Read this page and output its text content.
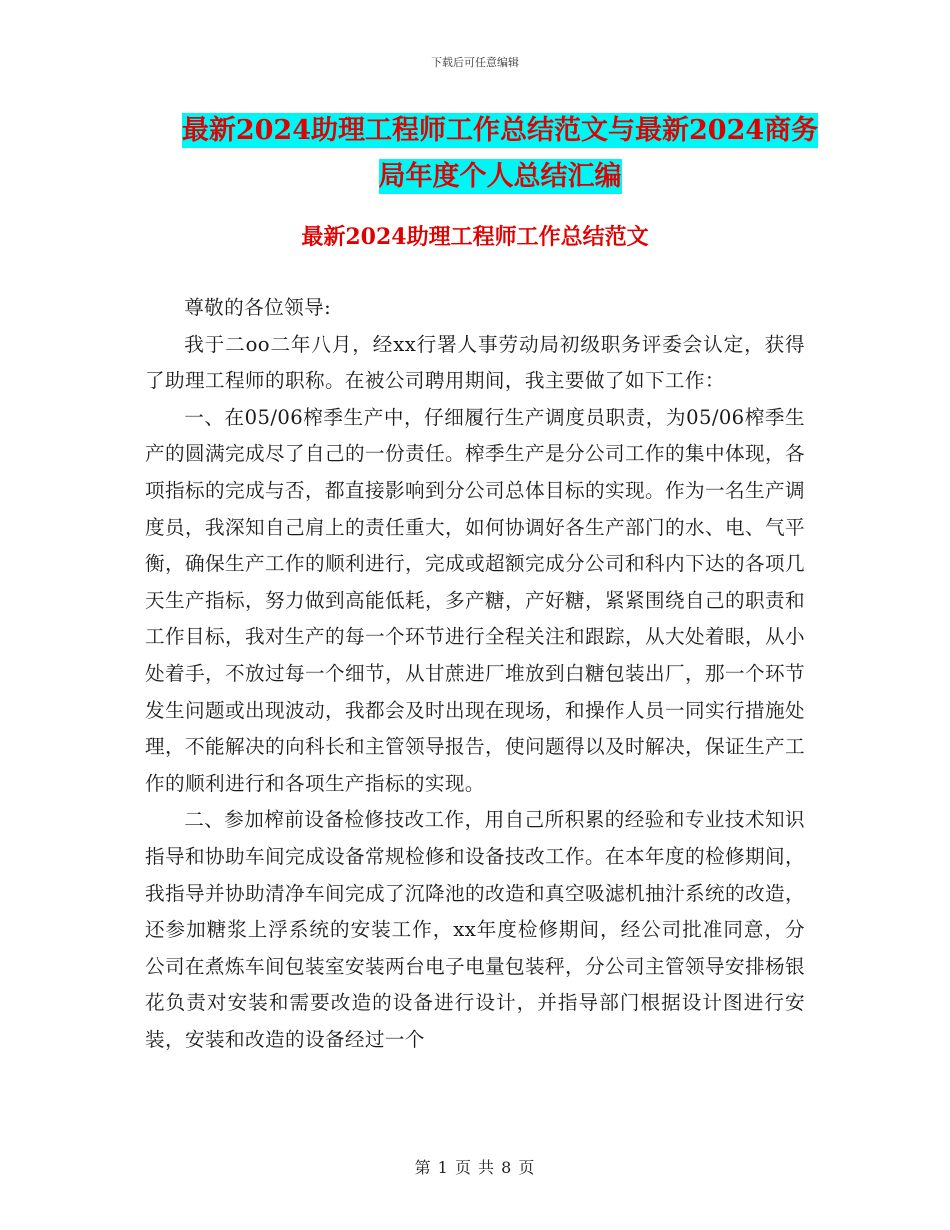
下载后可任意编辑
最新2024助理工程师工作总结范文与最新2024商务
局年度个人总结汇编
最新2024助理工程师工作总结范文

尊敬的各位领导:

我于二oo二年八月，经xx行署人事劳动局初级职务评委会认定，获得了助理工程师的职称。在被公司聘用期间，我主要做了如下工作：

一、在05/06榨季生产中，仔细履行生产调度员职责，为05/06榨季生产的圆满完成尽了自己的一份责任。榨季生产是分公司工作的集中体现，各项指标的完成与否，都直接影响到分公司总体目标的实现。作为一名生产调度员，我深知自己肩上的责任重大，如何协调好各生产部门的水、电、气平衡，确保生产工作的顺利进行，完成或超额完成分公司和科内下达的各项几天生产指标，努力做到高能低耗，多产糖，产好糖，紧紧围绕自己的职责和工作目标，我对生产的每一个环节进行全程关注和跟踪，从大处着眼，从小处着手，不放过每一个细节，从甘蔗进厂堆放到白糖包装出厂，那一个环节发生问题或出现波动，我都会及时出现在现场，和操作人员一同实行措施处理，不能解决的向科长和主管领导报告，使问题得以及时解决，保证生产工作的顺利进行和各项生产指标的实现。

二、参加榨前设备检修技改工作，用自己所积累的经验和专业技术知识指导和协助车间完成设备常规检修和设备技改工作。在本年度的检修期间，我指导并协助清净车间完成了沉降池的改造和真空吸滤机抽汁系统的改造，还参加糖浆上浮系统的安装工作，xx年度检修期间，经公司批准同意，分公司在煮炼车间包装室安装两台电子电量包装秤，分公司主管领导安排杨银花负责对安装和需要改造的设备进行设计，并指导部门根据设计图进行安装，安装和改造的设备经过一个

第 1 页 共 8 页
